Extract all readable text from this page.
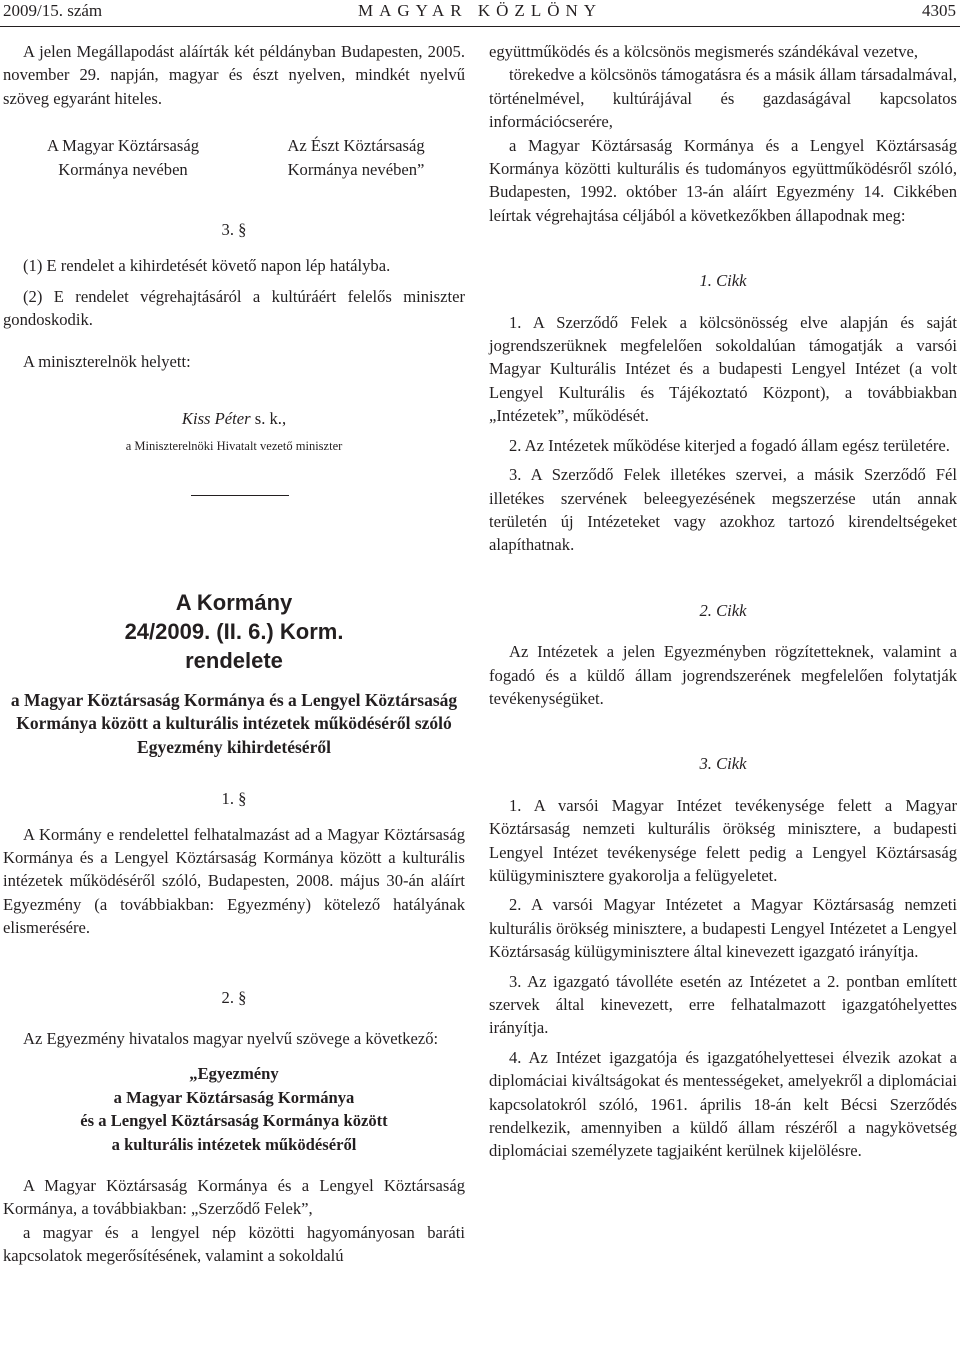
2009/15. szám	MAGYAR KÖZLÖNY	4305

A jelen Megállapodást aláírták két példányban Budapesten, 2005. november 29. napján, magyar és észt nyelven, mindkét nyelvű szöveg egyaránt hiteles.

A Magyar Köztársaság
Kormánya nevében
Az Észt Köztársaság
Kormánya nevében”
3. §

(1) E rendelet a kihirdetését követő napon lép hatályba.

(2) E rendelet végrehajtásáról a kultúráért felelős miniszter gondoskodik.

A miniszterelnök helyett:

Kiss Péter s. k.,
a Miniszterelnöki Hivatalt vezető miniszter
A Kormány
24/2009. (II. 6.) Korm.
rendelete
a Magyar Köztársaság Kormánya és a Lengyel Köztársaság Kormánya között a kulturális intézetek működéséről szóló Egyezmény kihirdetéséről
1. §

A Kormány e rendelettel felhatalmazást ad a Magyar Köztársaság Kormánya és a Lengyel Köztársaság Kormánya között a kulturális intézetek működéséről szóló, Budapesten, 2008. május 30-án aláírt Egyezmény (a továbbiakban: Egyezmény) kötelező hatályának elismerésére.

2. §

Az Egyezmény hivatalos magyar nyelvű szövege a következő:

„Egyezmény
a Magyar Köztársaság Kormánya
és a Lengyel Köztársaság Kormánya között
a kulturális intézetek működéséről

A Magyar Köztársaság Kormánya és a Lengyel Köztársaság Kormánya, a továbbiakban: „Szerződő Felek”,

a magyar és a lengyel nép közötti hagyományosan baráti kapcsolatok megerősítésének, valamint a sokoldalú

együttműködés és a kölcsönös megismerés szándékával vezetve,

törekedve a kölcsönös támogatásra és a másik állam társadalmával, történelmével, kultúrájával és gazdaságával kapcsolatos információcserére,

a Magyar Köztársaság Kormánya és a Lengyel Köztársaság Kormánya közötti kulturális és tudományos együttműködésről szóló, Budapesten, 1992. október 13-án aláírt Egyezmény 14. Cikkében leírtak végrehajtása céljából a következőkben állapodnak meg:

1. Cikk

1. A Szerződő Felek a kölcsönösség elve alapján és saját jogrendszerüknek megfelelően sokoldalúan támogatják a varsói Magyar Kulturális Intézet és a budapesti Lengyel Intézet (a volt Lengyel Kulturális és Tájékoztató Központ), a továbbiakban „Intézetek”, működését.

2. Az Intézetek működése kiterjed a fogadó állam egész területére.

3. A Szerződő Felek illetékes szervei, a másik Szerződő Fél illetékes szervének beleegyezésének megszerzése után annak területén új Intézeteket vagy azokhoz tartozó kirendeltségeket alapíthatnak.

2. Cikk

Az Intézetek a jelen Egyezményben rögzítetteknek, valamint a fogadó és a küldő állam jogrendszerének megfelelően folytatják tevékenységüket.

3. Cikk

1. A varsói Magyar Intézet tevékenysége felett a Magyar Köztársaság nemzeti kulturális örökség minisztere, a budapesti Lengyel Intézet tevékenysége felett pedig a Lengyel Köztársaság külügyminisztere gyakorolja a felügyeletet.

2. A varsói Magyar Intézetet a Magyar Köztársaság nemzeti kulturális örökség minisztere, a budapesti Lengyel Intézetet a Lengyel Köztársaság külügyminisztere által kinevezett igazgató irányítja.

3. Az igazgató távolléte esetén az Intézetet a 2. pontban említett szervek által kinevezett, erre felhatalmazott igazgatóhelyettes irányítja.

4. Az Intézet igazgatója és igazgatóhelyettesei élvezik azokat a diplomáciai kiváltságokat és mentességeket, amelyekről a diplomáciai kapcsolatokról szóló, 1961. április 18-án kelt Bécsi Szerződés rendelkezik, amennyiben a küldő állam részéről a nagykövetség diplomáciai személyzete tagjaiként kerülnek kijelölésre.
